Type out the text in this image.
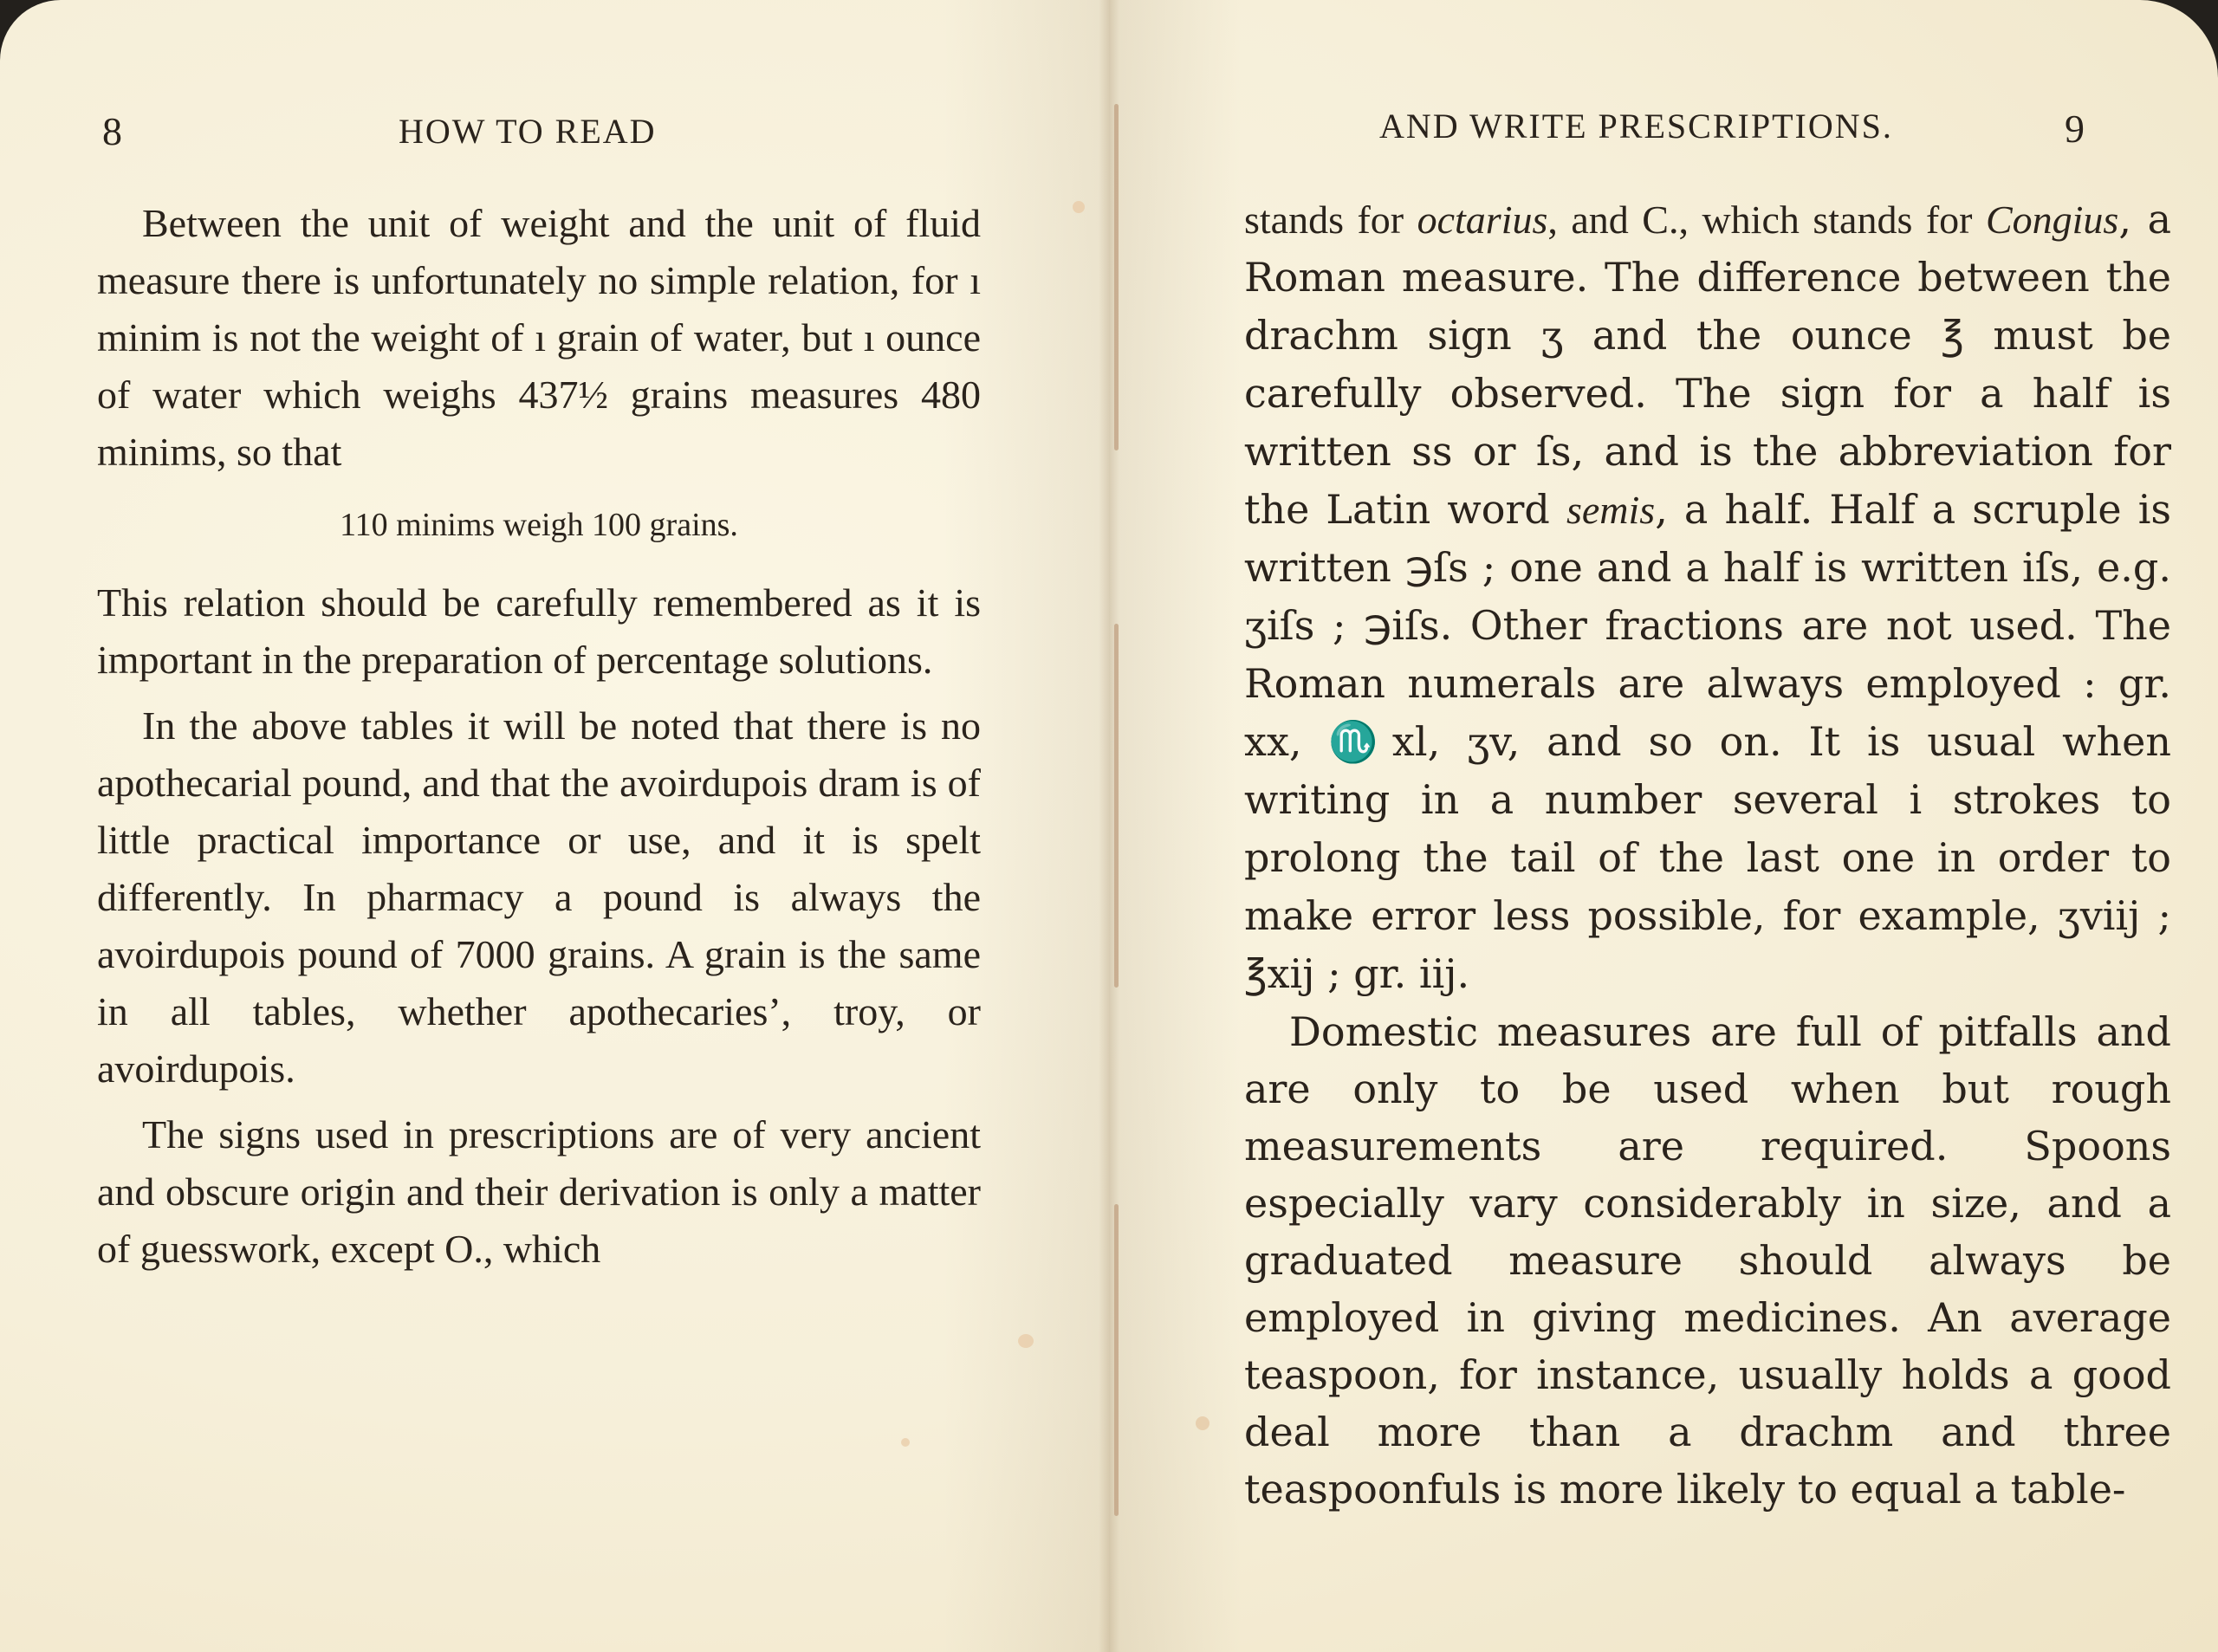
8	HOW TO READ

Between the unit of weight and the unit of fluid measure there is unfortunately no simple relation, for ı minim is not the weight of ı grain of water, but ı ounce of water which weighs 437½ grains measures 480 minims, so that

110 minims weigh 100 grains.

This relation should be carefully remembered as it is important in the preparation of percentage solutions.

In the above tables it will be noted that there is no apothecarial pound, and that the avoirdupois dram is of little practical importance or use, and it is spelt differently. In pharmacy a pound is always the avoirdupois pound of 7000 grains. A grain is the same in all tables, whether apothecaries’, troy, or avoirdupois.

The signs used in prescriptions are of very ancient and obscure origin and their derivation is only a matter of guesswork, except O., which

AND WRITE PRESCRIPTIONS.	9

stands for octarius, and C., which stands for Congius, a Roman measure. The difference between the drachm sign ʒ and the ounce ℥ must be carefully observed. The sign for a half is written ss or ſs, and is the abbreviation for the Latin word semis, a half. Half a scruple is written ℈ſs ; one and a half is written iſs, e.g. ʒiſs ; ℈iſs. Other fractions are not used. The Roman numerals are always employed : gr. xx, ♏xl, ʒv, and so on. It is usual when writing in a number several i strokes to prolong the tail of the last one in order to make error less possible, for example, ʒviij ; ℥xij ; gr. iij.

Domestic measures are full of pitfalls and are only to be used when but rough measurements are required. Spoons especially vary considerably in size, and a graduated measure should always be employed in giving medicines. An average teaspoon, for instance, usually holds a good deal more than a drachm and three teaspoonfuls is more likely to equal a table-
